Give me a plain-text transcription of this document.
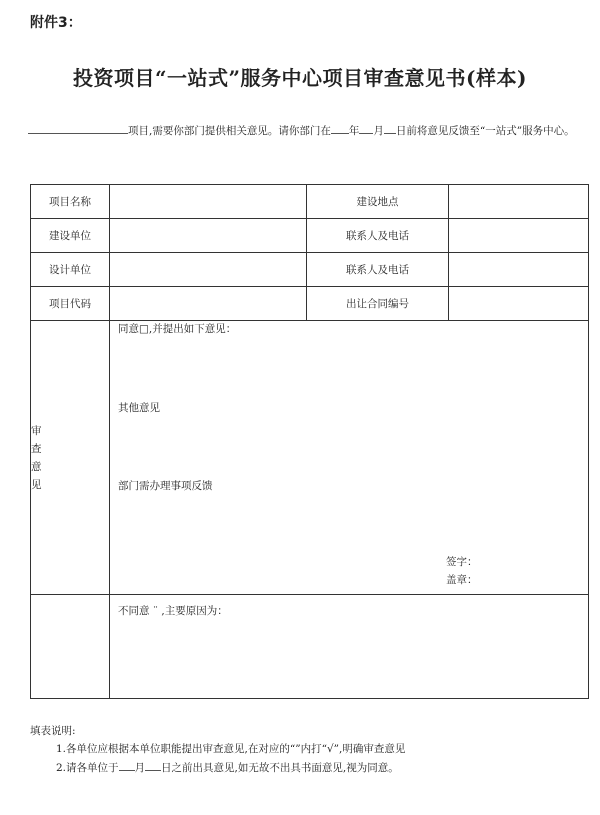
附件3：
投资项目“一站式”服务中心项目审查意见书(样本)
项目,需要你部门提供相关意见。请你部门在 年 月 日前将意见反馈至“一站式”服务中心。
项目名称		建设地点	
建设单位		联系人及电话	
设计单位		联系人及电话	
项目代码		出让合同编号	

审查意见	同意□,并提出如下意见：
其他意见
部门需办理事项反馈
签字：
盖章：		

	不同意 ¨ ,主要原因为：		
填表说明:
1.各单位应根据本单位职能提出审查意见,在对应的“”内打“√”,明确审查意见
2.请各单位于 月 日之前出具意见,如无故不出具书面意见,视为同意。
